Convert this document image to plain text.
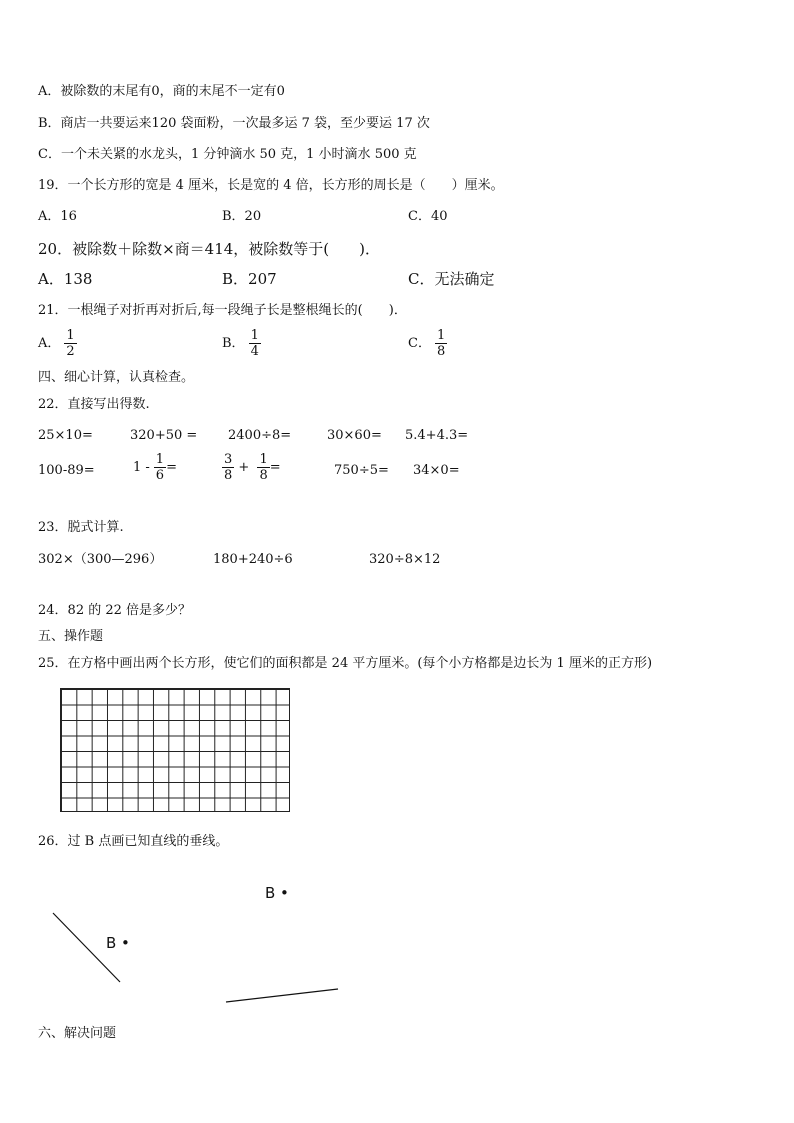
A．被除数的末尾有0，商的末尾不一定有0
B．商店一共要运来120 袋面粉，一次最多运 7 袋，至少要运 17 次
C．一个未关紧的水龙头，1 分钟滴水 50 克，1 小时滴水 500 克
19．一个长方形的宽是 4 厘米，长是宽的 4 倍，长方形的周长是（　　）厘米。
A．16	B．20	C．40
20．被除数＋除数×商＝414，被除数等于(　　)．
A．138	B．207	C．无法确定
21．一根绳子对折再对折后,每一段绳子长是整根绳长的(　　)．
A． $\frac{1}{2}$	B． $\frac{1}{4}$	C． $\frac{1}{8}$
四、细心计算，认真检查。
22．直接写出得数.
25×10=	320+50 = 2400÷8=	30×60= 5.4+4.3=
100-89=	$1 - \frac{1}{6}$ =	$\frac{3}{8} + \frac{1}{8}$ =	750÷5= 34×0=
23．脱式计算.
302×（300—296）	180+240÷6	320÷8×12
24．82 的 22 倍是多少？
五、操作题
25．在方格中画出两个长方形，使它们的面积都是 24 平方厘米。(每个小方格都是边长为 1 厘米的正方形)
26．过 B 点画已知直线的垂线。
B •
B •
六、解决问题
